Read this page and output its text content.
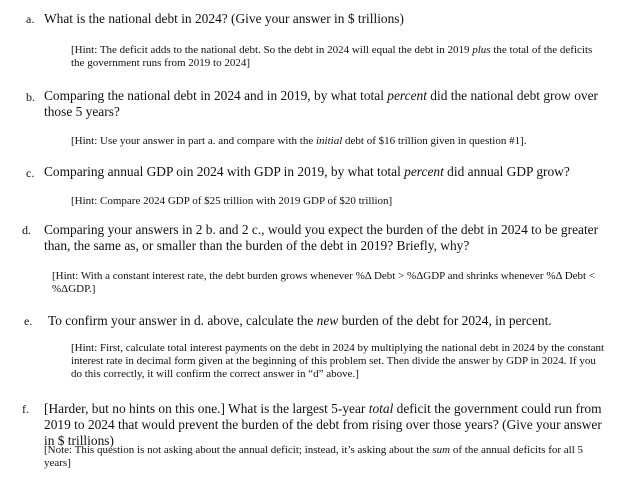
a. What is the national debt in 2024? (Give your answer in $ trillions)
[Hint: The deficit adds to the national debt. So the debt in 2024 will equal the debt in 2019 plus the total of the deficits the government runs from 2019 to 2024]
b. Comparing the national debt in 2024 and in 2019, by what total percent did the national debt grow over those 5 years?
[Hint: Use your answer in part a. and compare with the initial debt of $16 trillion given in question #1].
c. Comparing annual GDP oin 2024 with GDP in 2019, by what total percent did annual GDP grow?
[Hint: Compare 2024 GDP of $25 trillion with 2019 GDP of $20 trillion]
d. Comparing your answers in 2 b. and 2 c., would you expect the burden of the debt in 2024 to be greater than, the same as, or smaller than the burden of the debt in 2019? Briefly, why?
[Hint: With a constant interest rate, the debt burden grows whenever %Δ Debt > %ΔGDP and shrinks whenever %Δ Debt < %ΔGDP.]
e. To confirm your answer in d. above, calculate the new burden of the debt for 2024, in percent.
[Hint: First, calculate total interest payments on the debt in 2024 by multiplying the national debt in 2024 by the constant interest rate in decimal form given at the beginning of this problem set. Then divide the answer by GDP in 2024. If you do this correctly, it will confirm the correct answer in “d” above.]
f. [Harder, but no hints on this one.] What is the largest 5-year total deficit the government could run from 2019 to 2024 that would prevent the burden of the debt from rising over those years? (Give your answer in $ trillions)
[Note: This question is not asking about the annual deficit; instead, it’s asking about the sum of the annual deficits for all 5 years]
